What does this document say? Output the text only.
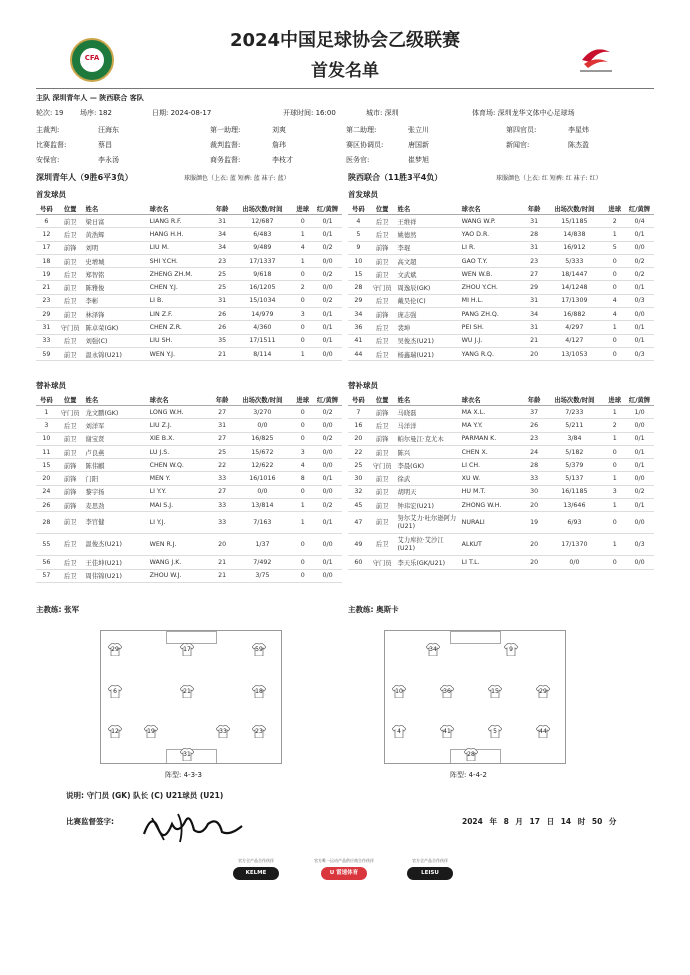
CFA
2024中国足球协会乙级联赛
首发名单
主队 深圳青年人 — 陕西联合 客队
轮次: 19 场序: 182	日期: 2024-08-17	开球时间: 16:00	城市: 深圳	体育场: 深圳龙华文体中心足球场
主裁判:	汪海东	第一助理:	刘爽	第二助理:	张立川	第四官员:	李星炜
比赛监督:	蔡昌	裁判监督:	詹玮	赛区协调员:	唐国新	新闻官:	陈杰盈
安保官:	李永汤	商务监督:	李枝才	医务官:	崔梦旭
深圳青年人（9胜6平3负）	球服颜色（上衣: 蓝 短裤: 蓝 袜子: 蓝）
首发球员
号码	位置	姓名	球衣名	年龄	出场次数/时间	进球	红/黄牌
6	前卫	梁日富	LIANG R.F.	31	12/687	0	0/1
12	后卫	黄浩辉	HANG H.H.	34	6/483	1	0/1
17	前锋	刘明	LIU M.	34	9/489	4	0/2
18	前卫	史增城	SHI Y.CH.	23	17/1337	1	0/0
19	后卫	郑智铭	ZHENG ZH.M.	25	9/618	0	0/2
21	前卫	陈雅俊	CHEN Y.J.	25	16/1205	2	0/0
23	后卫	李彬	LI B.	31	15/1034	0	0/2
29	前卫	林泽锋	LIN Z.F.	26	14/979	3	0/1
31	守门员	陈卓荣(GK)	CHEN Z.R.	26	4/360	0	0/1
33	后卫	刘强(C)	LIU SH.	35	17/1511	0	0/1
59	前卫	温永锦(U21)	WEN Y.J.	21	8/114	1	0/0
替补球员
号码	位置	姓名	球衣名	年龄	出场次数/时间	进球	红/黄牌
1	守门员	龙文鹏(GK)	LONG W.H.	27	3/270	0	0/2
3	后卫	刘洋军	LIU Z.J.	31	0/0	0	0/0
10	前卫	谢宝贤	XIE B.X.	27	16/825	0	0/2
11	前卫	卢良燕	LU J.S.	25	15/672	3	0/0
15	前锋	陈伟麒	CHEN W.Q.	22	12/622	4	0/0
20	前锋	门阳	MEN Y.	33	16/1016	8	0/1
24	前锋	黎宇扬	LI Y.Y.	27	0/0	0	0/0
26	前锋	麦思劲	MAI S.J.	33	13/814	1	0/2
28	前卫	李官健	LI Y.J.	33	7/163	1	0/1
55	后卫	温俊杰(U21)	WEN R.J.	20	1/37	0	0/0
56	后卫	王佳坤(U21)	WANG J.K.	21	7/492	0	0/1
57	后卫	周伟锦(U21)	ZHOU W.J.	21	3/75	0	0/0
陕西联合（11胜3平4负）	球服颜色（上衣: 红 短裤: 红 袜子: 红）
首发球员
号码	位置	姓名	球衣名	年龄	出场次数/时间	进球	红/黄牌
4	后卫	王维祥	WANG W.P.	31	15/1185	2	0/4
5	后卫	姚德然	YAO D.R.	28	14/838	1	0/1
9	前锋	李琨	LI R.	31	16/912	5	0/0
10	前卫	高文超	GAO T.Y.	23	5/333	0	0/2
15	前卫	文武斌	WEN W.B.	27	18/1447	0	0/2
28	守门员	周逸辰(GK)	ZHOU Y.CH.	29	14/1248	0	0/1
29	后卫	戴昊伦(C)	MI H.L.	31	17/1309	4	0/3
34	前锋	庞志强	PANG ZH.Q.	34	16/882	4	0/0
36	后卫	裴坤	PEI SH.	31	4/297	1	0/1
41	后卫	吴俊杰(U21)	WU J.J.	21	4/127	0	0/1
44	后卫	杨鑫瑞(U21)	YANG R.Q.	20	13/1053	0	0/3
替补球员
号码	位置	姓名	球衣名	年龄	出场次数/时间	进球	红/黄牌
7	前锋	马晓磊	MA X.L.	37	7/233	1	1/0
16	后卫	马洋洋	MA Y.Y.	26	5/211	2	0/0
20	前锋	帕尔曼江·克尤木	PARMAN K.	23	3/84	1	0/1
22	前卫	陈兴	CHEN X.	24	5/182	0	0/1
25	守门员	李晨(GK)	LI CH.	28	5/379	0	0/1
30	前卫	徐武	XU W.	33	5/137	1	0/0
32	前卫	胡明天	HU M.T.	30	16/1185	3	0/2
45	前卫	钟玮宏(U21)	ZHONG W.H.	20	13/646	1	0/1
47	前卫	努尔艾力·吐尔逊阿力(U21)	NURALI	19	6/93	0	0/0
49	后卫	艾力库拉·艾沙江(U21)	ALKUT	20	17/1370	1	0/3
60	守门员	李天乐(GK/U21)	LI T.L.	20	0/0	0	0/0
主教练: 张军	主教练: 奥斯卡
29	17	59
6	21	18
12	19	33	23
31
34	9
10	36	15	29
4	41	5	44
28
阵型: 4-3-3	阵型: 4-4-2
说明: 守门员 (GK) 队长 (C) U21球员 (U21)
比赛监督签字:	2024 年 8 月 17 日 14 时 50 分
官方全产品合作伙伴
KELME
官方唯一运动产品供应商合作伙伴
U 雷速体育
官方全产品合作伙伴
LEISU
